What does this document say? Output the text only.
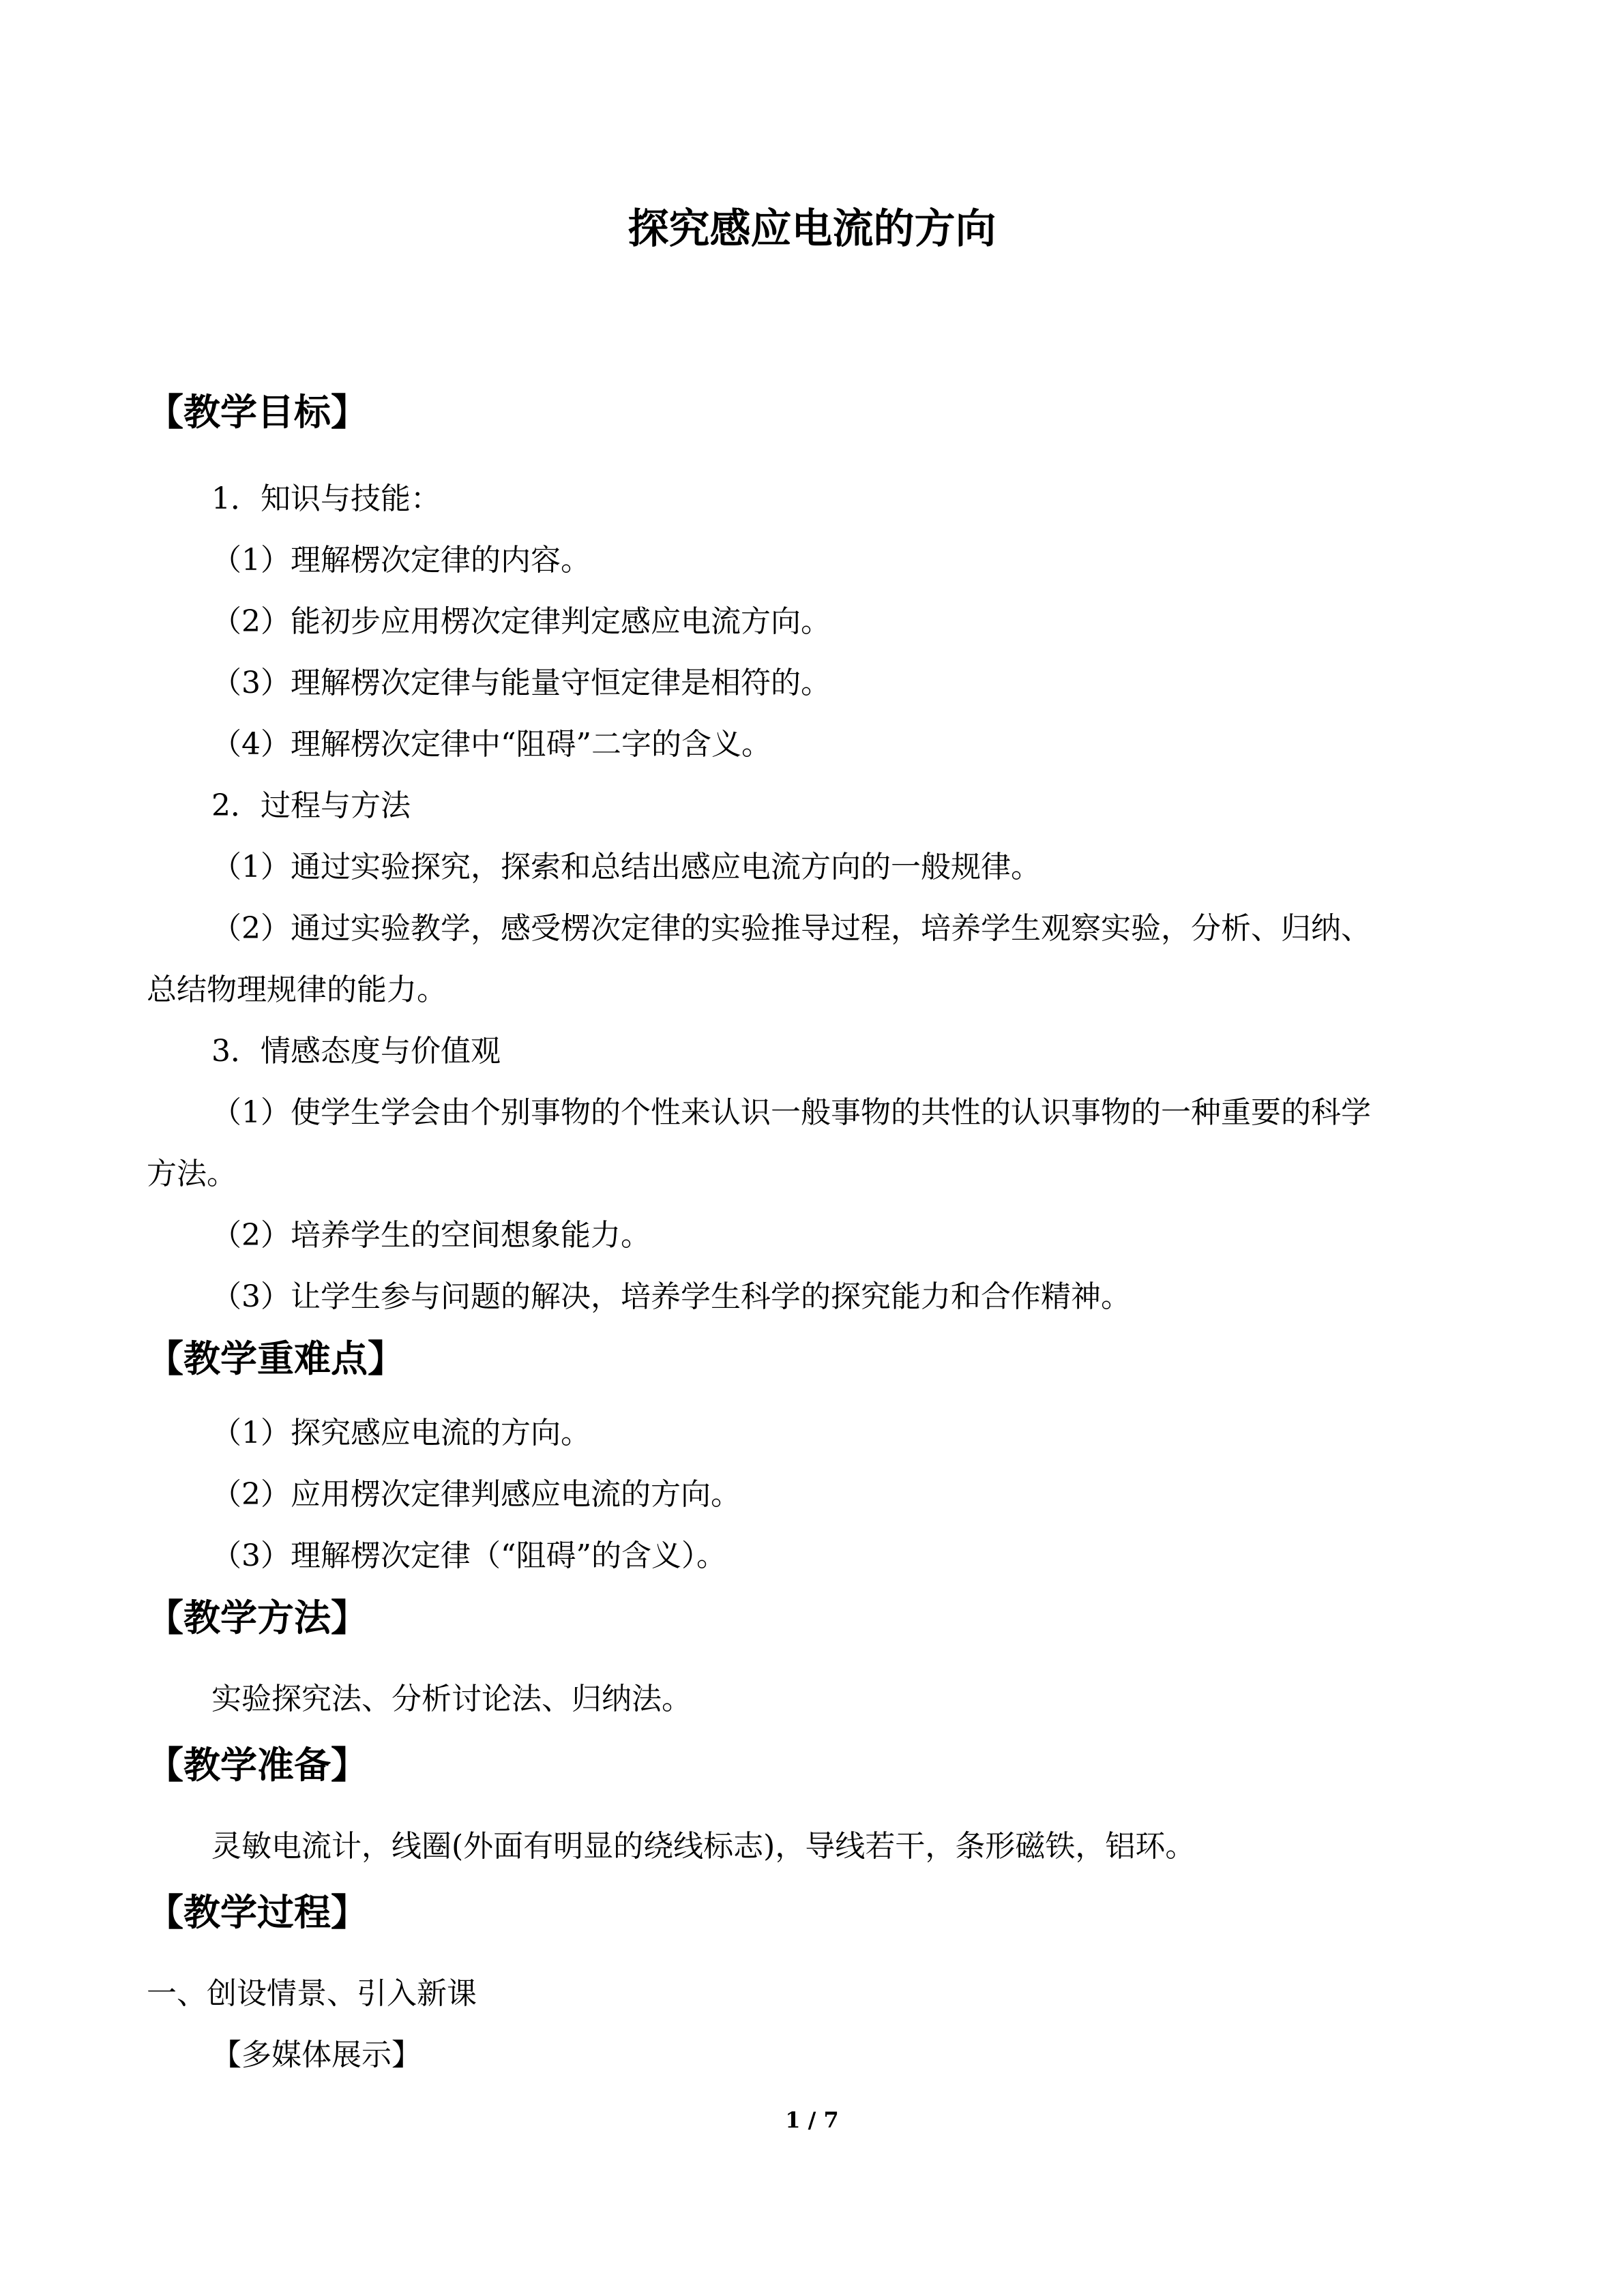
探究感应电流的方向
【教学目标】
1．知识与技能：
（1）理解楞次定律的内容。
（2）能初步应用楞次定律判定感应电流方向。
（3）理解楞次定律与能量守恒定律是相符的。
（4）理解楞次定律中“阻碍”二字的含义。
2．过程与方法
（1）通过实验探究，探索和总结出感应电流方向的一般规律。
（2）通过实验教学，感受楞次定律的实验推导过程，培养学生观察实验，分析、归纳、
总结物理规律的能力。
3．情感态度与价值观
（1）使学生学会由个别事物的个性来认识一般事物的共性的认识事物的一种重要的科学
方法。
（2）培养学生的空间想象能力。
（3）让学生参与问题的解决，培养学生科学的探究能力和合作精神。
【教学重难点】
（1）探究感应电流的方向。
（2）应用楞次定律判感应电流的方向。
（3）理解楞次定律（“阻碍”的含义）。
【教学方法】
实验探究法、分析讨论法、归纳法。
【教学准备】
灵敏电流计，线圈(外面有明显的绕线标志)，导线若干，条形磁铁，铝环。
【教学过程】
一、创设情景、引入新课
【多媒体展示】
1 / 7
